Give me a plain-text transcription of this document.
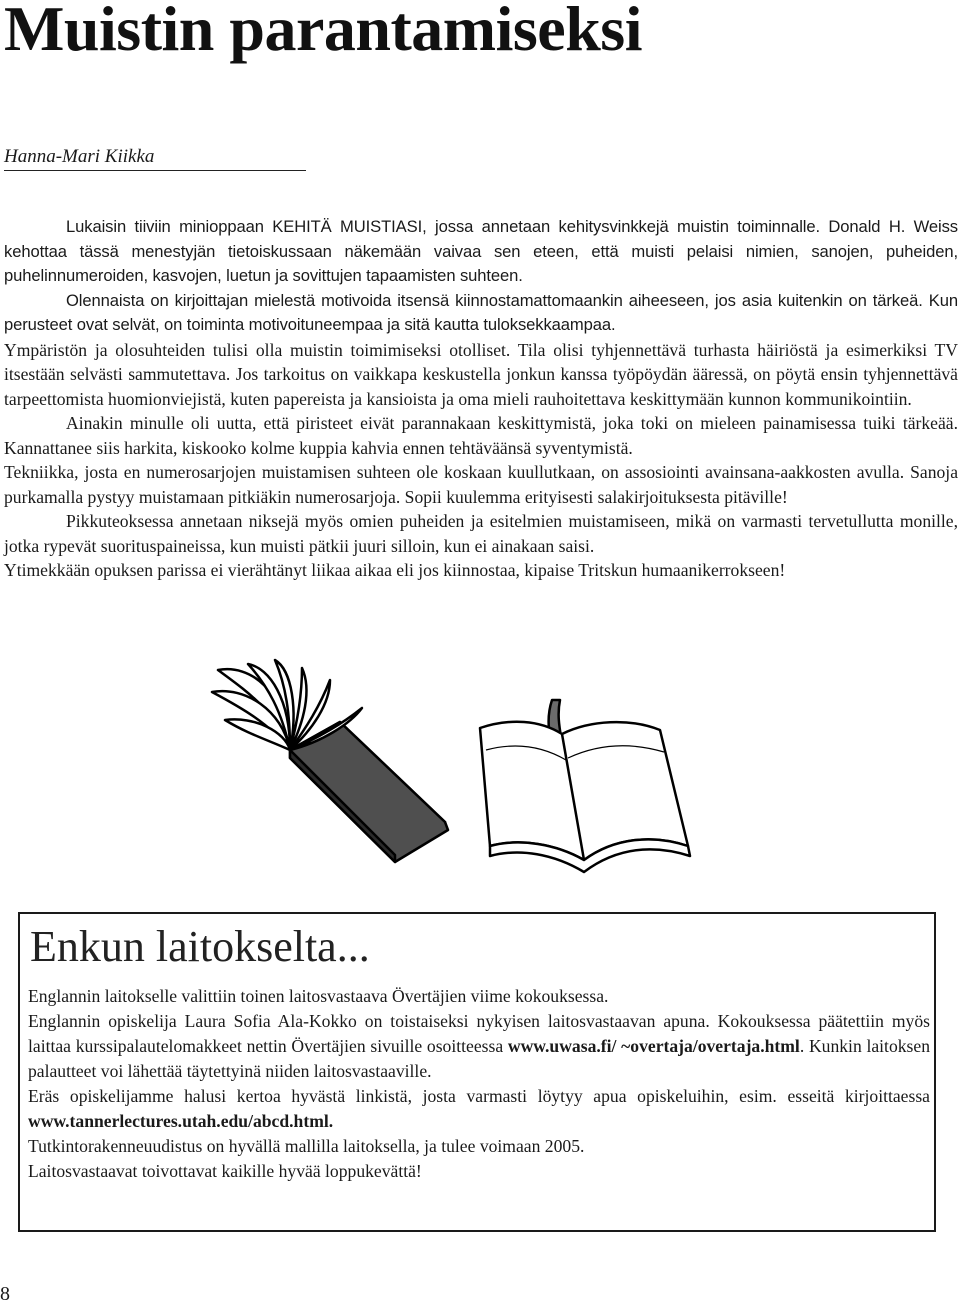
Muistin parantamiseksi
Hanna-Mari Kiikka

Lukaisin tiiviin minioppaan KEHITÄ MUISTIASI, jossa annetaan kehitysvinkkejä muistin toiminnalle. Donald H. Weiss kehottaa tässä menestyjän tietoiskussaan näkemään vaivaa sen eteen, että muisti pelaisi nimien, sanojen, puheiden, puhelinnumeroiden, kasvojen, luetun ja sovittujen tapaamisten suhteen.

Olennaista on kirjoittajan mielestä motivoida itsensä kiinnostamattomaankin aiheeseen, jos asia kuitenkin on tärkeä. Kun perusteet ovat selvät, on toiminta motivoituneempaa ja sitä kautta tuloksekkaampaa.

Ympäristön ja olosuhteiden tulisi olla muistin toimimiseksi otolliset. Tila olisi tyhjennettävä turhasta häiriöstä ja esimerkiksi TV itsestään selvästi sammutettava. Jos tarkoitus on vaikkapa keskustella jonkun kanssa työpöydän ääressä, on pöytä ensin tyhjennettävä tarpeettomista huomionviejistä, kuten papereista ja kansioista ja oma mieli rauhoitettava keskittymään kunnon kommunikointiin.

Ainakin minulle oli uutta, että piristeet eivät parannakaan keskittymistä, joka toki on mieleen painamisessa tuiki tärkeää. Kannattanee siis harkita, kiskooko kolme kuppia kahvia ennen tehtäväänsä syventymistä.

Tekniikka, josta en numerosarjojen muistamisen suhteen ole koskaan kuullutkaan, on assosiointi avainsana-aakkosten avulla. Sanoja purkamalla pystyy muistamaan pitkiäkin numerosarjoja. Sopii kuulemma erityisesti salakirjoituksesta pitäville!

Pikkuteoksessa annetaan niksejä myös omien puheiden ja esitelmien muistamiseen, mikä on varmasti tervetullutta monille, jotka rypevät suorituspaineissa, kun muisti pätkii juuri silloin, kun ei ainakaan saisi.

Ytimekkään opuksen parissa ei vierähtänyt liikaa aikaa eli jos kiinnostaa, kipaise Tritskun humaanikerrokseen!

Enkun laitokselta...

Englannin laitokselle valittiin toinen laitosvastaava Övertäjien viime kokouksessa.

Englannin opiskelija Laura Sofia Ala-Kokko on toistaiseksi nykyisen laitosvastaavan apuna. Kokouksessa päätettiin myös laittaa kurssipalautelomakkeet nettin Övertäjien sivuille osoitteessa www.uwasa.fi/ ~overtaja/overtaja.html. Kunkin laitoksen palautteet voi lähettää täytettyinä niiden laitosvastaaville.

Eräs opiskelijamme halusi kertoa hyvästä linkistä, josta varmasti löytyy apua opiskeluihin, esim. esseitä kirjoittaessa www.tannerlectures.utah.edu/abcd.html.

Tutkintorakenneuudistus on hyvällä mallilla laitoksella, ja tulee voimaan 2005.

Laitosvastaavat toivottavat kaikille hyvää loppukevättä!

8
